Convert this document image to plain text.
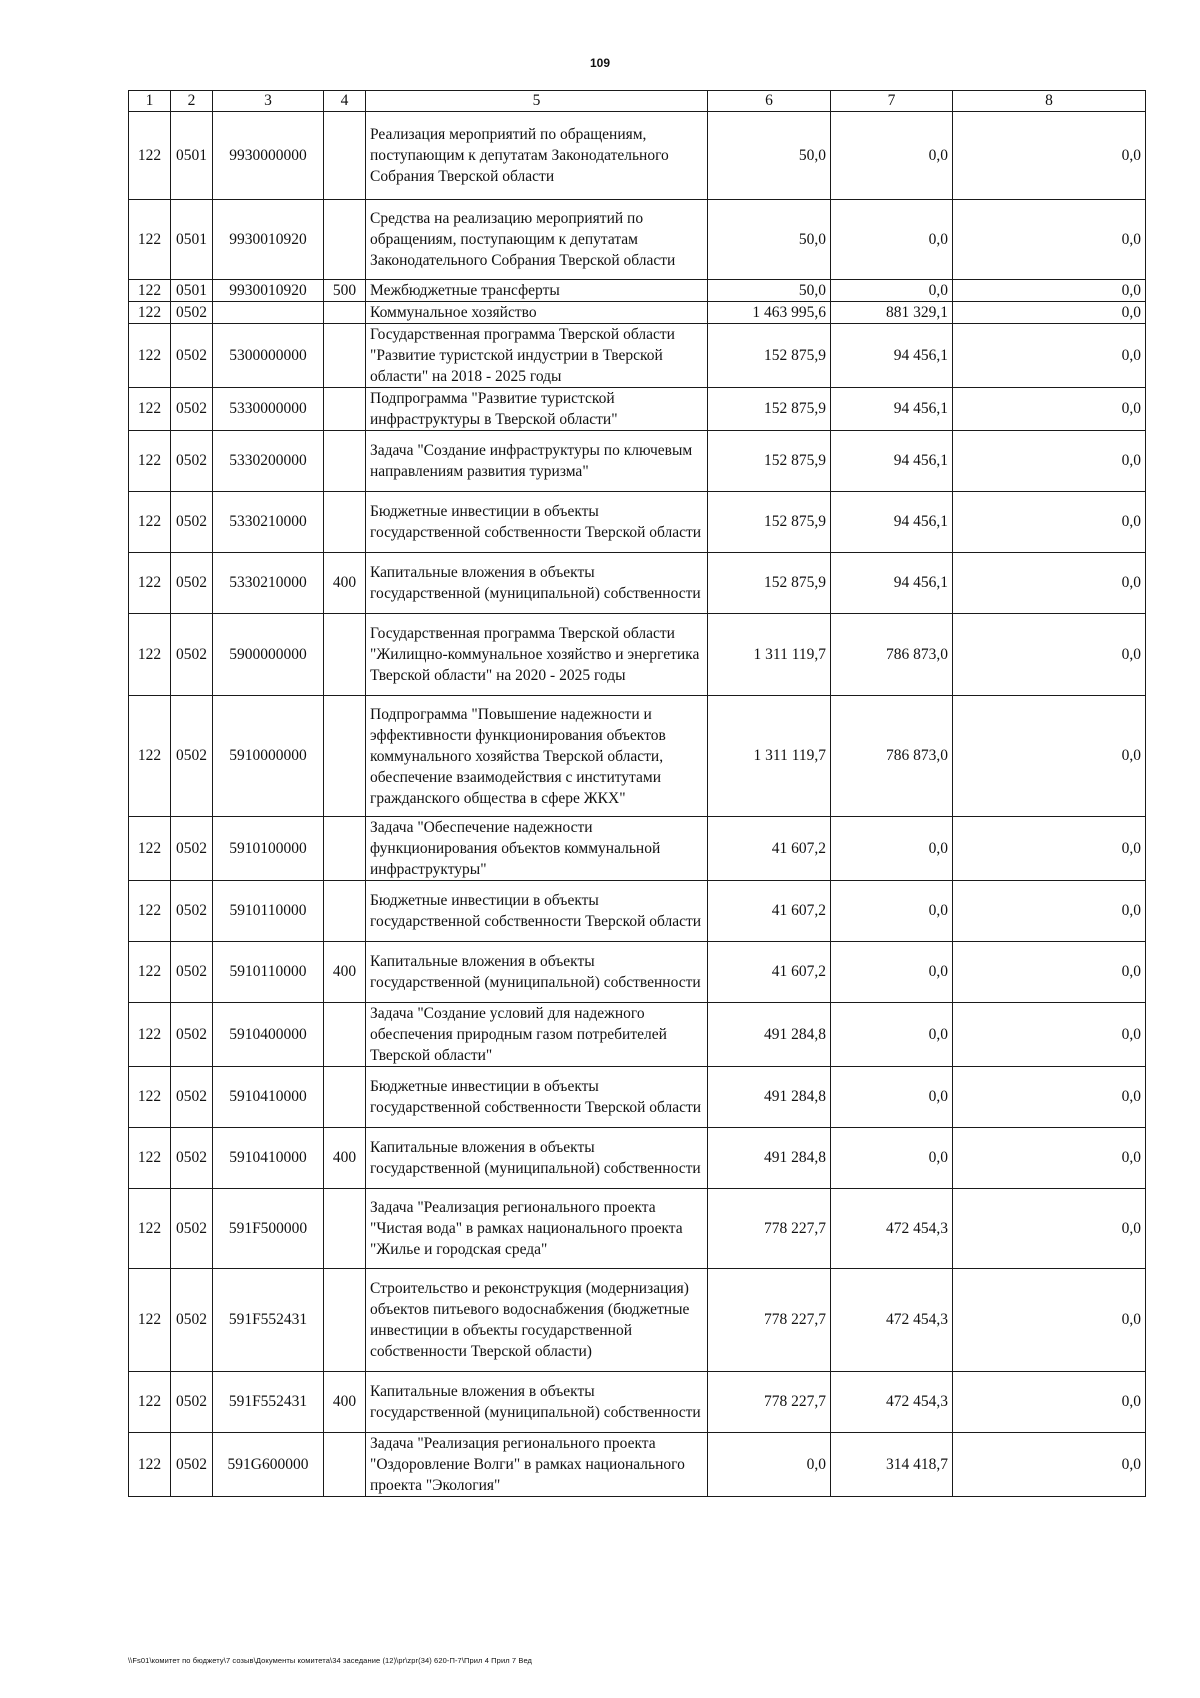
109
1	2	3	4	5	6	7	8
122	0501	9930000000		Реализация мероприятий по обращениям, поступающим к депутатам Законодательного Собрания Тверской области	50,0	0,0	0,0
122	0501	9930010920		Средства на реализацию мероприятий по обращениям, поступающим к депутатам Законодательного Собрания Тверской области	50,0	0,0	0,0
122	0501	9930010920	500	Межбюджетные трансферты	50,0	0,0	0,0
122	0502			Коммунальное хозяйство	1 463 995,6	881 329,1	0,0
122	0502	5300000000		Государственная программа Тверской области "Развитие туристской индустрии в Тверской области" на 2018 - 2025 годы	152 875,9	94 456,1	0,0
122	0502	5330000000		Подпрограмма "Развитие туристской инфраструктуры в Тверской области"	152 875,9	94 456,1	0,0
122	0502	5330200000		Задача "Создание инфраструктуры по ключевым направлениям развития туризма"	152 875,9	94 456,1	0,0
122	0502	5330210000		Бюджетные инвестиции в объекты государственной собственности Тверской области	152 875,9	94 456,1	0,0
122	0502	5330210000	400	Капитальные вложения в объекты государственной (муниципальной) собственности	152 875,9	94 456,1	0,0
122	0502	5900000000		Государственная программа Тверской области "Жилищно-коммунальное хозяйство и энергетика Тверской области" на 2020 - 2025 годы	1 311 119,7	786 873,0	0,0
122	0502	5910000000		Подпрограмма "Повышение надежности и эффективности функционирования объектов коммунального хозяйства Тверской области, обеспечение взаимодействия с институтами гражданского общества в сфере ЖКХ"	1 311 119,7	786 873,0	0,0
122	0502	5910100000		Задача "Обеспечение надежности функционирования объектов коммунальной инфраструктуры"	41 607,2	0,0	0,0
122	0502	5910110000		Бюджетные инвестиции в объекты государственной собственности Тверской области	41 607,2	0,0	0,0
122	0502	5910110000	400	Капитальные вложения в объекты государственной (муниципальной) собственности	41 607,2	0,0	0,0
122	0502	5910400000		Задача "Создание условий для надежного обеспечения природным газом потребителей Тверской области"	491 284,8	0,0	0,0
122	0502	5910410000		Бюджетные инвестиции в объекты государственной собственности Тверской области	491 284,8	0,0	0,0
122	0502	5910410000	400	Капитальные вложения в объекты государственной (муниципальной) собственности	491 284,8	0,0	0,0
122	0502	591F500000		Задача "Реализация регионального проекта "Чистая вода" в рамках национального проекта "Жилье и городская среда"	778 227,7	472 454,3	0,0
122	0502	591F552431		Строительство и реконструкция (модернизация) объектов питьевого водоснабжения (бюджетные инвестиции в объекты государственной собственности Тверской области)	778 227,7	472 454,3	0,0
122	0502	591F552431	400	Капитальные вложения в объекты государственной (муниципальной) собственности	778 227,7	472 454,3	0,0
122	0502	591G600000		Задача "Реализация регионального проекта "Оздоровление Волги" в рамках национального проекта "Экология"	0,0	314 418,7	0,0
\\Fs01\комитет по бюджету\7 созыв\Документы комитета\34 заседание (12)\pr\zpr(34) 620-П-7\Прил 4 Прил 7 Вед
